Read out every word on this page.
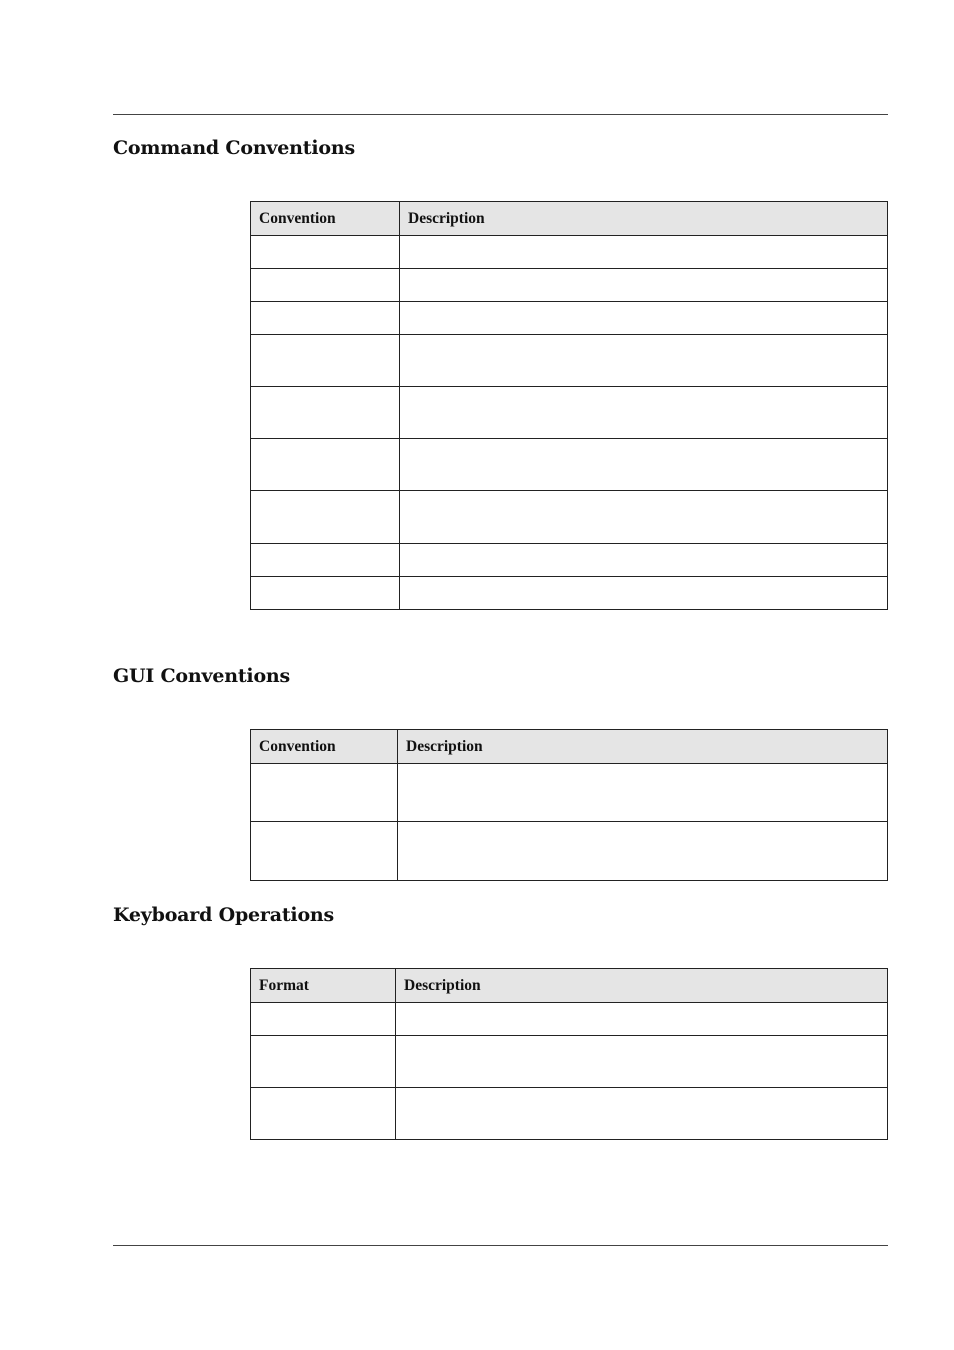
Command Conventions
Convention	Description

GUI Conventions
Convention	Description

Keyboard Operations
Format	Description
